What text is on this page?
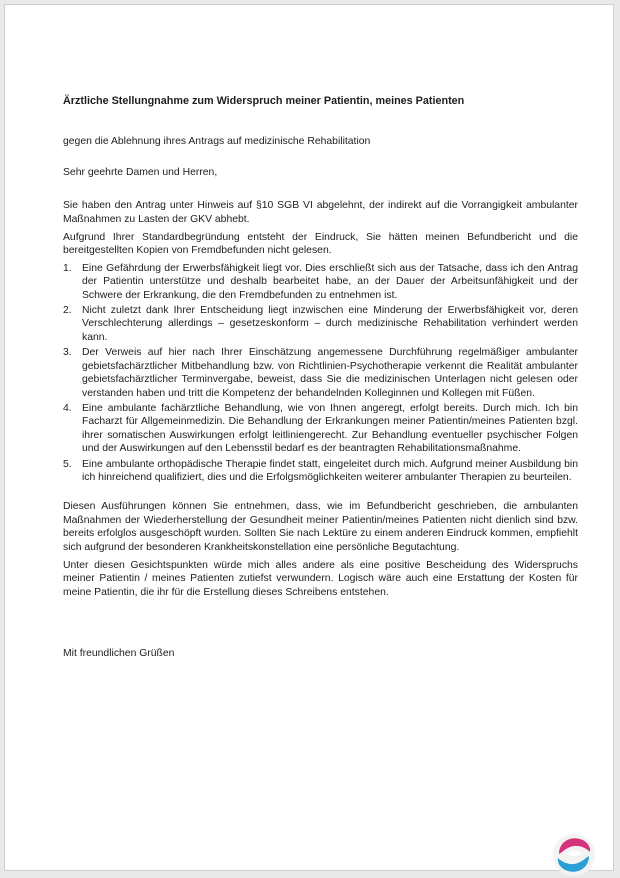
Ärztliche Stellungnahme zum Widerspruch meiner Patientin, meines Patienten
gegen die Ablehnung ihres Antrags auf medizinische Rehabilitation
Sehr geehrte Damen und Herren,
Sie haben den Antrag unter Hinweis auf §10 SGB VI abgelehnt, der indirekt auf die Vorrangigkeit ambulanter Maßnahmen zu Lasten der GKV abhebt.
Aufgrund Ihrer Standardbegründung entsteht der Eindruck, Sie hätten meinen Befundbericht und die bereitgestellten Kopien von Fremdbefunden nicht gelesen.
1. Eine Gefährdung der Erwerbsfähigkeit liegt vor. Dies erschließt sich aus der Tatsache, dass ich den Antrag der Patientin unterstütze und deshalb bearbeitet habe, an der Dauer der Arbeitsunfähigkeit und der Schwere der Erkrankung, die den Fremdbefunden zu entnehmen ist.
2. Nicht zuletzt dank Ihrer Entscheidung liegt inzwischen eine Minderung der Erwerbsfähigkeit vor, deren Verschlechterung allerdings – gesetzeskonform – durch medizinische Rehabilitation verhindert werden kann.
3. Der Verweis auf hier nach Ihrer Einschätzung angemessene Durchführung regelmäßiger ambulanter gebietsfachärztlicher Mitbehandlung bzw. von Richtlinien-Psychotherapie verkennt die Realität ambulanter gebietsfachärztlicher Terminvergabe, beweist, dass Sie die medizinischen Unterlagen nicht gelesen oder verstanden haben und tritt die Kompetenz der behandelnden Kolleginnen und Kollegen mit Füßen.
4. Eine ambulante fachärztliche Behandlung, wie von Ihnen angeregt, erfolgt bereits. Durch mich. Ich bin Facharzt für Allgemeinmedizin. Die Behandlung der Erkrankungen meiner Patientin/meines Patienten bzgl. ihrer somatischen Auswirkungen erfolgt leitliniengerecht. Zur Behandlung eventueller psychischer Folgen und der Auswirkungen auf den Lebensstil bedarf es der beantragten Rehabilitationsmaßnahme.
5. Eine ambulante orthopädische Therapie findet statt, eingeleitet durch mich. Aufgrund meiner Ausbildung bin ich hinreichend qualifiziert, dies und die Erfolgsmöglichkeiten weiterer ambulanter Therapien zu beurteilen.
Diesen Ausführungen können Sie entnehmen, dass, wie im Befundbericht geschrieben, die ambulanten Maßnahmen der Wiederherstellung der Gesundheit meiner Patientin/meines Patienten nicht dienlich sind bzw. bereits erfolglos ausgeschöpft wurden. Sollten Sie nach Lektüre zu einem anderen Eindruck kommen, empfiehlt sich aufgrund der besonderen Krankheitskonstellation eine persönliche Begutachtung.
Unter diesen Gesichtspunkten würde mich alles andere als eine positive Bescheidung des Widerspruchs meiner Patientin / meines Patienten zutiefst verwundern. Logisch wäre auch eine Erstattung der Kosten für meine Patientin, die ihr für die Erstellung dieses Schreibens entstehen.
Mit freundlichen Grüßen
